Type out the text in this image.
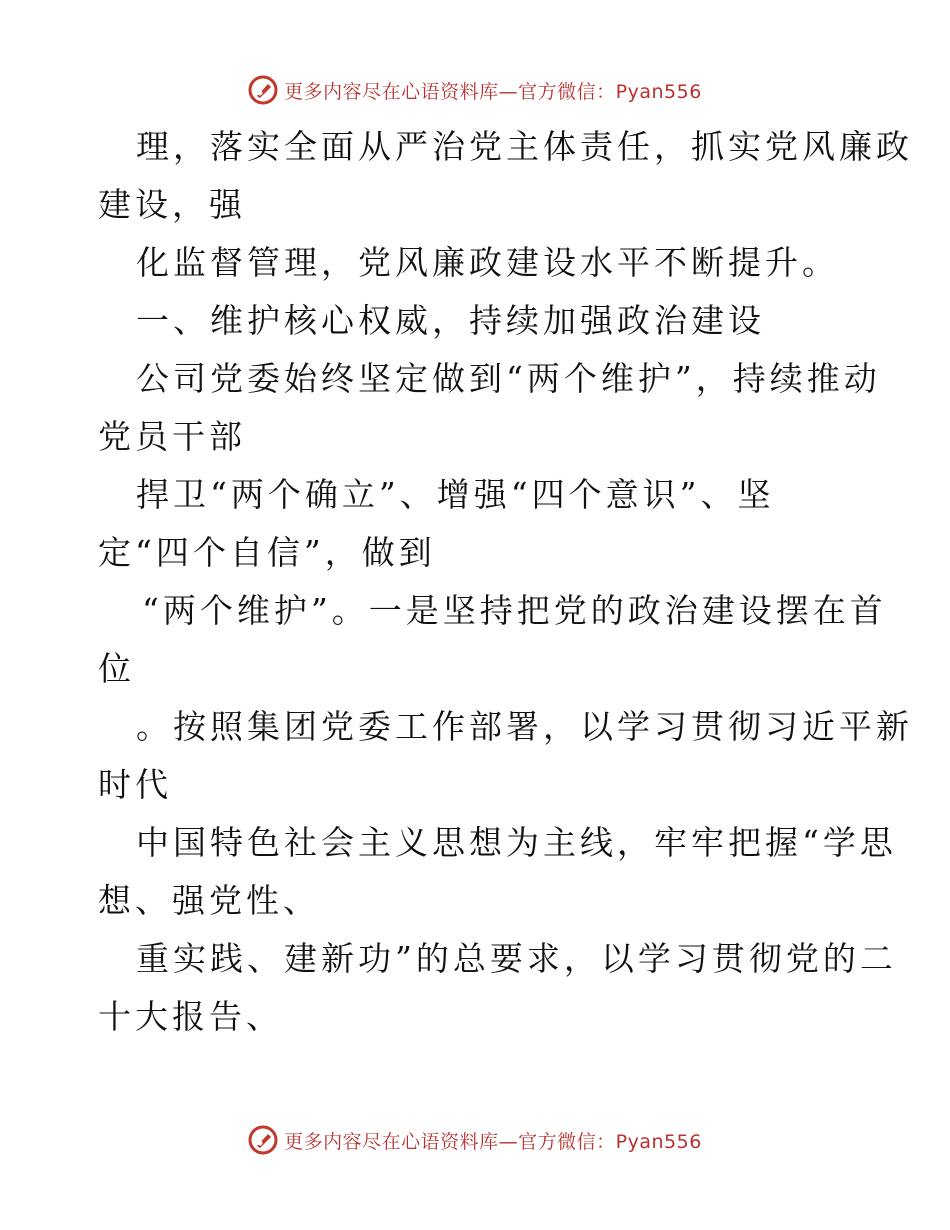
更多内容尽在心语资料库—官方微信：Pyan556
理，落实全面从严治党主体责任，抓实党风廉政
建设，强
化监督管理，党风廉政建设水平不断提升。
一、维护核心权威，持续加强政治建设
公司党委始终坚定做到“两个维护”，持续推动
党员干部
捍卫“两个确立”、增强“四个意识”、坚
定“四个自信”，做到
“两个维护”。一是坚持把党的政治建设摆在首
位
。按照集团党委工作部署，以学习贯彻习近平新
时代
中国特色社会主义思想为主线，牢牢把握“学思
想、强党性、
重实践、建新功”的总要求，以学习贯彻党的二
十大报告、
更多内容尽在心语资料库—官方微信：Pyan556
